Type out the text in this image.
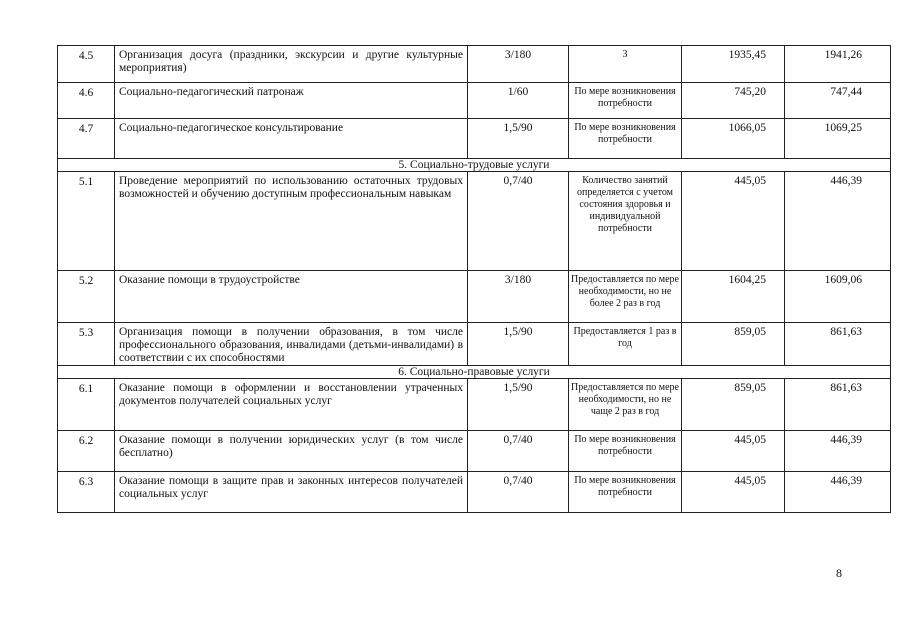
4.5	Организация досуга (праздники, экскурсии и другие культурные мероприятия)	3/180	3	1935,45	1941,26
4.6	Социально-педагогический патронаж	1/60	По мере возникновения потребности	745,20	747,44
4.7	Социально-педагогическое консультирование	1,5/90	По мере возникновения потребности	1066,05	1069,25
5. Социально-трудовые услуги					
5.1	Проведение мероприятий по использованию остаточных трудовых возможностей и обучению доступным профессиональным навыкам	0,7/40	Количество занятий определяется с учетом состояния здоровья и индивидуальной потребности	445,05	446,39
5.2	Оказание помощи в трудоустройстве	3/180	Предоставляется по мере необходимости, но не более 2 раз в год	1604,25	1609,06
5.3	Организация помощи в получении образования, в том числе профессионального образования, инвалидами (детьми-инвалидами) в соответствии с их способностями	1,5/90	Предоставляется 1 раз в год	859,05	861,63
6. Социально-правовые услуги					
6.1	Оказание помощи в оформлении и восстановлении утраченных документов получателей социальных услуг	1,5/90	Предоставляется по мере необходимости, но не чаще 2 раз в год	859,05	861,63
6.2	Оказание помощи в получении юридических услуг (в том числе бесплатно)	0,7/40	По мере возникновения потребности	445,05	446,39
6.3	Оказание помощи в защите прав и законных интересов получателей социальных услуг	0,7/40	По мере возникновения потребности	445,05	446,39
8
